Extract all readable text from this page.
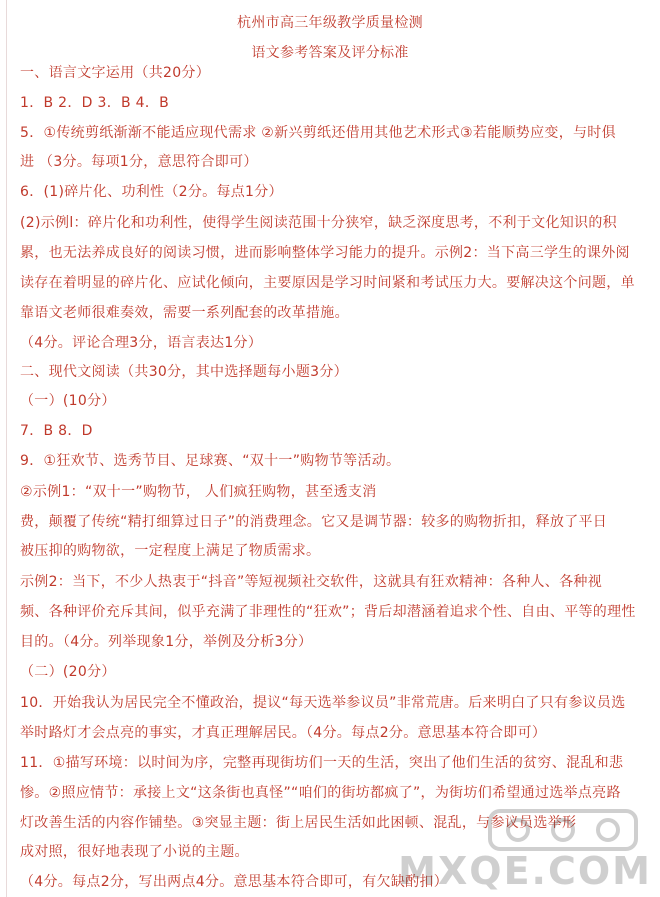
杭州市高三年级教学质量检测
语文参考答案及评分标准
一、语言文字运用（共20分）
1．B 2．D 3．B 4．B
5．①传统剪纸渐渐不能适应现代需求 ②新兴剪纸还借用其他艺术形式③若能顺势应变，与时俱
进 （3分。每项1分，意思符合即可）
6．(1)碎片化、功利性（2分。每点1分）
(2)示例l：碎片化和功利性，使得学生阅读范围十分狭窄，缺乏深度思考，不利于文化知识的积
累，也无法养成良好的阅读习惯，进而影响整体学习能力的提升。示例2：当下高三学生的课外阅
读存在着明显的碎片化、应试化倾向，主要原因是学习时间紧和考试压力大。要解决这个问题，单
靠语文老师很难奏效，需要一系列配套的改革措施。
（4分。评论合理3分，语言表达1分）
二、现代文阅读（共30分，其中选择题每小题3分）
（一）(10分）
7．B 8．D
9．①狂欢节、选秀节目、足球赛、“双十一”购物节等活动。
②示例1：“双十一”购物节， 人们疯狂购物，甚至透支消
费，颠覆了传统“精打细算过日子”的消费理念。它又是调节器：较多的购物折扣，释放了平日
被压抑的购物欲，一定程度上满足了物质需求。
示例2：当下，不少人热衷于“抖音”等短视频社交软件，这就具有狂欢精神：各种人、各种视
频、各种评价充斥其间，似乎充满了非理性的“狂欢”；背后却潜涵着追求个性、自由、平等的理性
目的。（4分。列举现象1分，举例及分析3分）
（二）(20分）
10．开始我认为居民完全不懂政治，提议“每天选举参议员”非常荒唐。后来明白了只有参议员选
举时路灯才会点亮的事实，才真正理解居民。（4分。每点2分。意思基本符合即可）
11．①描写环境：以时间为序，完整再现街坊们一天的生活，突出了他们生活的贫穷、混乱和悲
惨。②照应情节：承接上文“这条街也真怪”“咱们的街坊都疯了”，为街坊们希望通过选举点亮路
灯改善生活的内容作铺垫。③突显主题：街上居民生活如此困顿、混乱，与参议员选举形
成对照，很好地表现了小说的主题。
（4分。每点2分，写出两点4分。意思基本符合即可，有欠缺酌扣）
MXQE.COM
